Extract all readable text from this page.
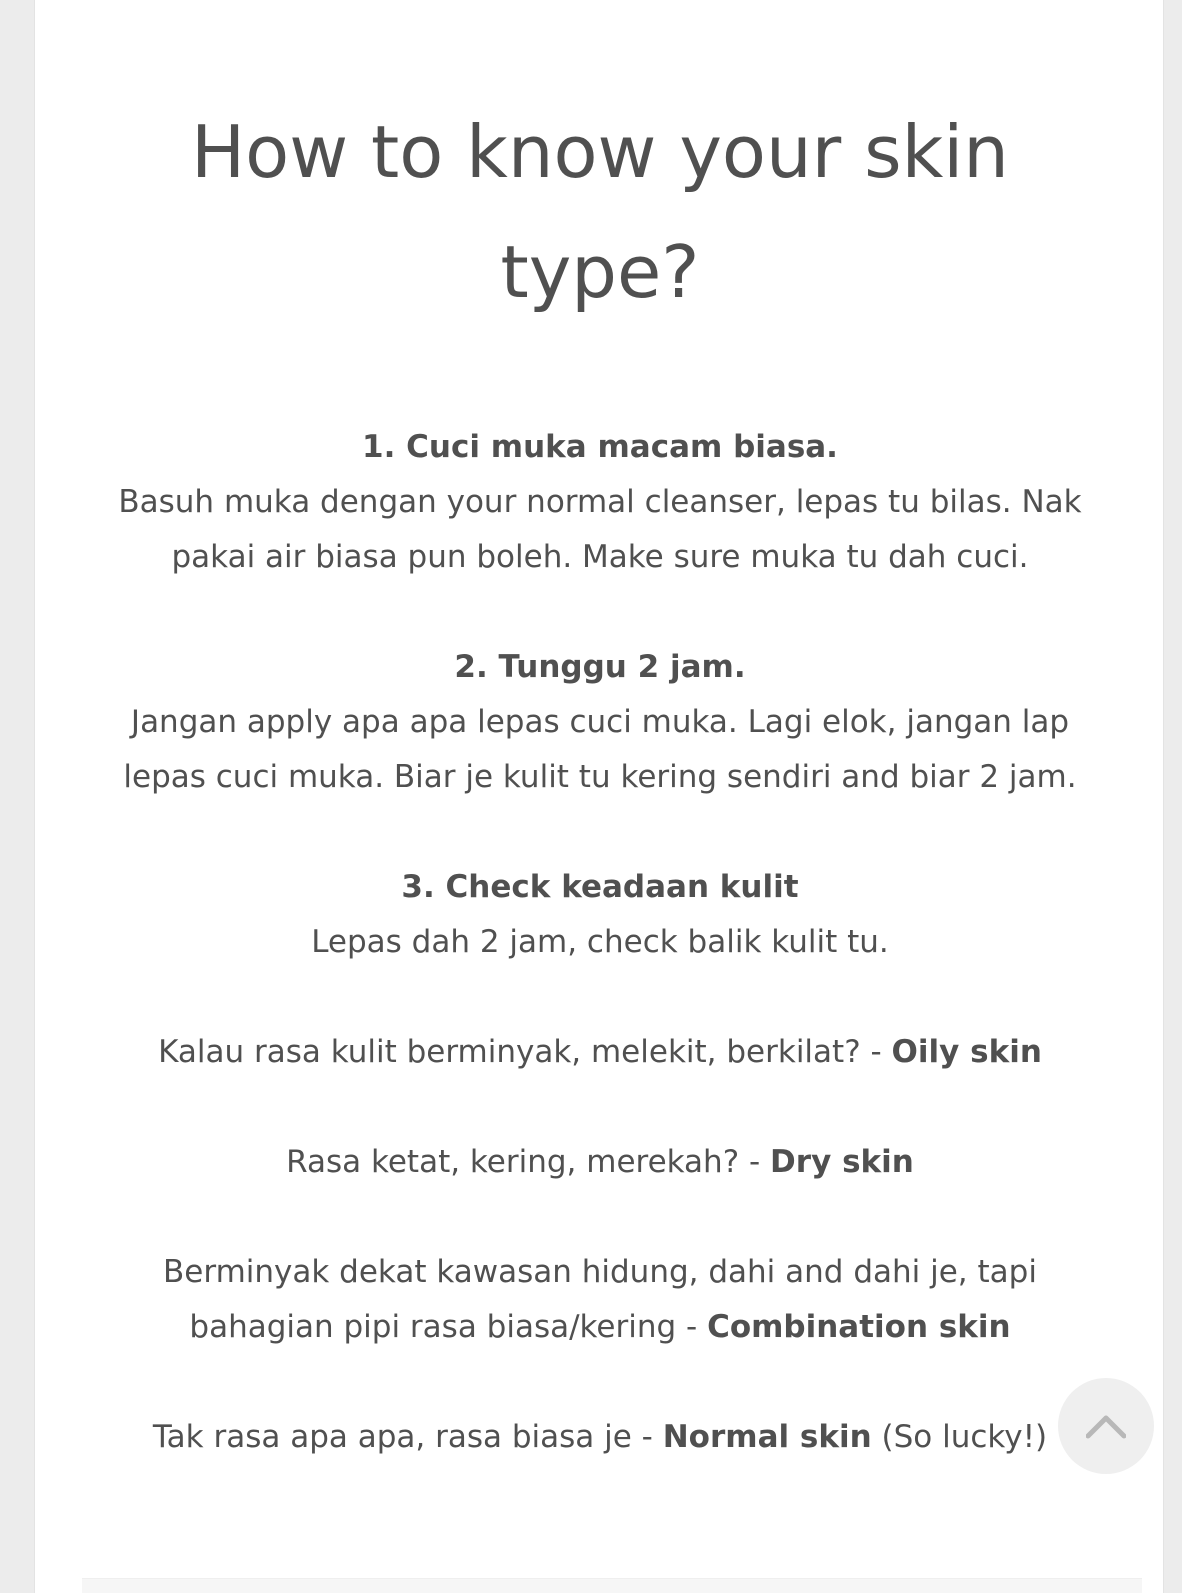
How to know your skin
type?

1. Cuci muka macam biasa.
Basuh muka dengan your normal cleanser, lepas tu bilas. Nak
pakai air biasa pun boleh. Make sure muka tu dah cuci.

2. Tunggu 2 jam.
Jangan apply apa apa lepas cuci muka. Lagi elok, jangan lap
lepas cuci muka. Biar je kulit tu kering sendiri and biar 2 jam.

3. Check keadaan kulit
Lepas dah 2 jam, check balik kulit tu.

Kalau rasa kulit berminyak, melekit, berkilat? - Oily skin

Rasa ketat, kering, merekah? - Dry skin

Berminyak dekat kawasan hidung, dahi and dahi je, tapi
bahagian pipi rasa biasa/kering - Combination skin

Tak rasa apa apa, rasa biasa je - Normal skin (So lucky!)
